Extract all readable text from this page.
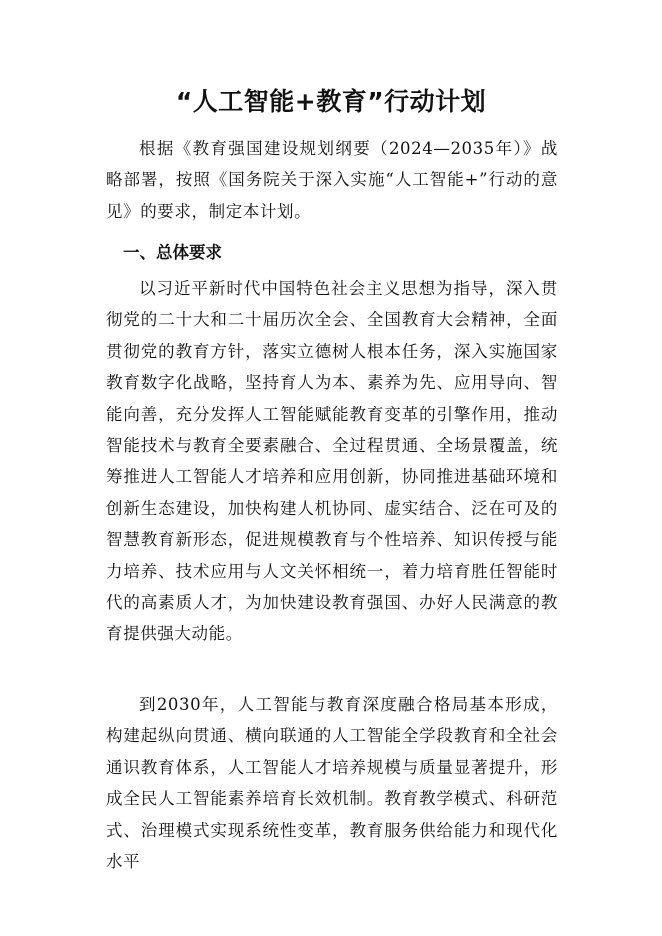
“人工智能+教育”行动计划

根据《教育强国建设规划纲要（2024—2035年）》战略部署，按照《国务院关于深入实施“人工智能+”行动的意见》的要求，制定本计划。

一、总体要求

以习近平新时代中国特色社会主义思想为指导，深入贯彻党的二十大和二十届历次全会、全国教育大会精神，全面贯彻党的教育方针，落实立德树人根本任务，深入实施国家教育数字化战略，坚持育人为本、素养为先、应用导向、智能向善，充分发挥人工智能赋能教育变革的引擎作用，推动智能技术与教育全要素融合、全过程贯通、全场景覆盖，统筹推进人工智能人才培养和应用创新，协同推进基础环境和创新生态建设，加快构建人机协同、虚实结合、泛在可及的智慧教育新形态，促进规模教育与个性培养、知识传授与能力培养、技术应用与人文关怀相统一，着力培育胜任智能时代的高素质人才，为加快建设教育强国、办好人民满意的教育提供强大动能。

到2030年，人工智能与教育深度融合格局基本形成，构建起纵向贯通、横向联通的人工智能全学段教育和全社会通识教育体系，人工智能人才培养规模与质量显著提升，形成全民人工智能素养培育长效机制。教育教学模式、科研范式、治理模式实现系统性变革，教育服务供给能力和现代化水平
